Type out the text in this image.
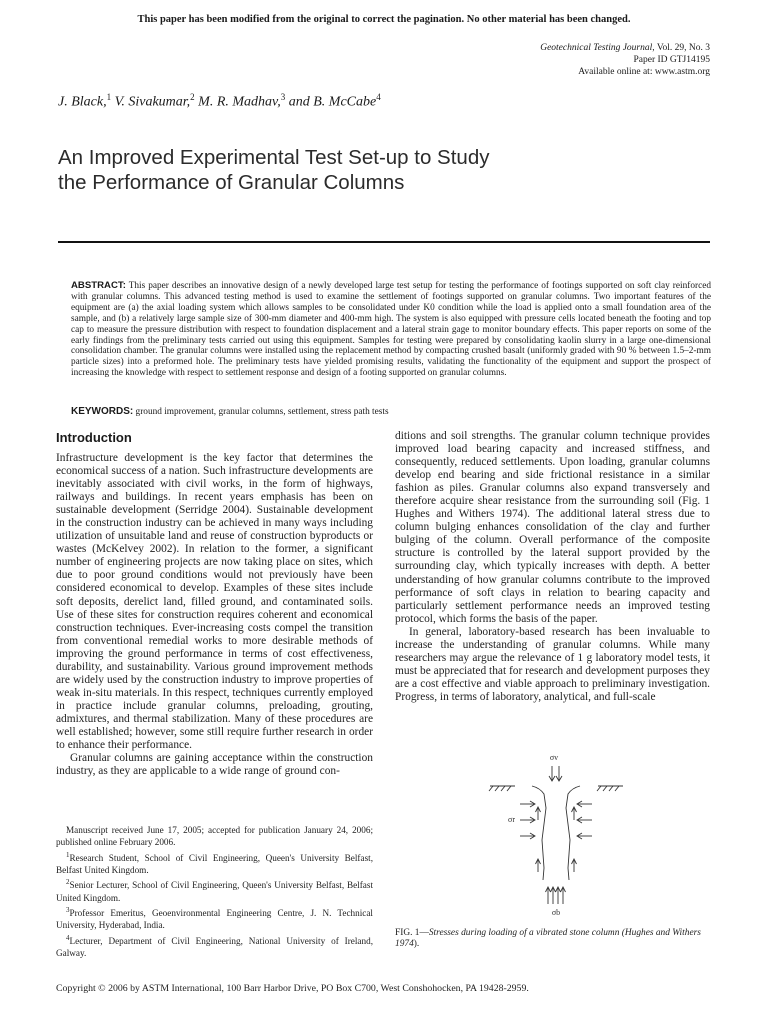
This paper has been modified from the original to correct the pagination. No other material has been changed.
Geotechnical Testing Journal, Vol. 29, No. 3
Paper ID GTJ14195
Available online at: www.astm.org
J. Black,$^1$ V. Sivakumar,$^2$ M. R. Madhav,$^3$ and B. McCabe$^4$
An Improved Experimental Test Set-up to Study
the Performance of Granular Columns
ABSTRACT: This paper describes an innovative design of a newly developed large test setup for testing the performance of footings supported on soft clay reinforced with granular columns. This advanced testing method is used to examine the settlement of footings supported on granular columns. Two important features of the equipment are (a) the axial loading system which allows samples to be consolidated under K0 condition while the load is applied onto a small foundation area of the sample, and (b) a relatively large sample size of 300-mm diameter and 400-mm high. The system is also equipped with pressure cells located beneath the footing and top cap to measure the pressure distribution with respect to foundation displacement and a lateral strain gage to monitor boundary effects. This paper reports on some of the early findings from the preliminary tests carried out using this equipment. Samples for testing were prepared by consolidating kaolin slurry in a large one-dimensional consolidation chamber. The granular columns were installed using the replacement method by compacting crushed basalt (uniformly graded with 90 % between 1.5–2-mm particle sizes) into a preformed hole. The preliminary tests have yielded promising results, validating the functionality of the equipment and support the prospect of increasing the knowledge with respect to settlement response and design of a footing supported on granular columns.
KEYWORDS: ground improvement, granular columns, settlement, stress path tests
Introduction

Infrastructure development is the key factor that determines the economical success of a nation. Such infrastructure developments are inevitably associated with civil works, in the form of highways, railways and buildings. In recent years emphasis has been on sustainable development (Serridge 2004). Sustainable development in the construction industry can be achieved in many ways including utilization of unsuitable land and reuse of construction byproducts or wastes (McKelvey 2002). In relation to the former, a significant number of engineering projects are now taking place on sites, which due to poor ground conditions would not previously have been considered economical to develop. Examples of these sites include soft deposits, derelict land, filled ground, and contaminated soils. Use of these sites for construction requires coherent and economical construction techniques. Ever-increasing costs compel the transition from conventional remedial works to more desirable methods of improving the ground performance in terms of cost effectiveness, durability, and sustainability. Various ground improvement methods are widely used by the construction industry to improve properties of weak in-situ materials. In this respect, techniques currently employed in practice include granular columns, preloading, grouting, admixtures, and thermal stabilization. Many of these procedures are well established; however, some still require further research in order to enhance their performance.

Granular columns are gaining acceptance within the construction industry, as they are applicable to a wide range of ground con-

ditions and soil strengths. The granular column technique provides improved load bearing capacity and increased stiffness, and consequently, reduced settlements. Upon loading, granular columns develop end bearing and side frictional resistance in a similar fashion as piles. Granular columns also expand transversely and therefore acquire shear resistance from the surrounding soil (Fig. 1 Hughes and Withers 1974). The additional lateral stress due to column bulging enhances consolidation of the clay and further bulging of the column. Overall performance of the composite structure is controlled by the lateral support provided by the surrounding clay, which typically increases with depth. A better understanding of how granular columns contribute to the improved performance of soft clays in relation to bearing capacity and particularly settlement performance needs an improved testing protocol, which forms the basis of the paper.

In general, laboratory-based research has been invaluable to increase the understanding of granular columns. While many researchers may argue the relevance of 1 g laboratory model tests, it must be appreciated that for research and development purposes they are a cost effective and viable approach to preliminary investigation. Progress, in terms of laboratory, analytical, and full-scale

Manuscript received June 17, 2005; accepted for publication January 24, 2006; published online February 2006.

$^1$Research Student, School of Civil Engineering, Queen's University Belfast, Belfast United Kingdom.

$^2$Senior Lecturer, School of Civil Engineering, Queen's University Belfast, Belfast United Kingdom.

$^3$Professor Emeritus, Geoenvironmental Engineering Centre, J. N. Technical University, Hyderabad, India.

$^4$Lecturer, Department of Civil Engineering, National University of Ireland, Galway.

σv
σr
σb
FIG. 1—Stresses during loading of a vibrated stone column (Hughes and Withers 1974).
Copyright © 2006 by ASTM International, 100 Barr Harbor Drive, PO Box C700, West Conshohocken, PA 19428-2959.
